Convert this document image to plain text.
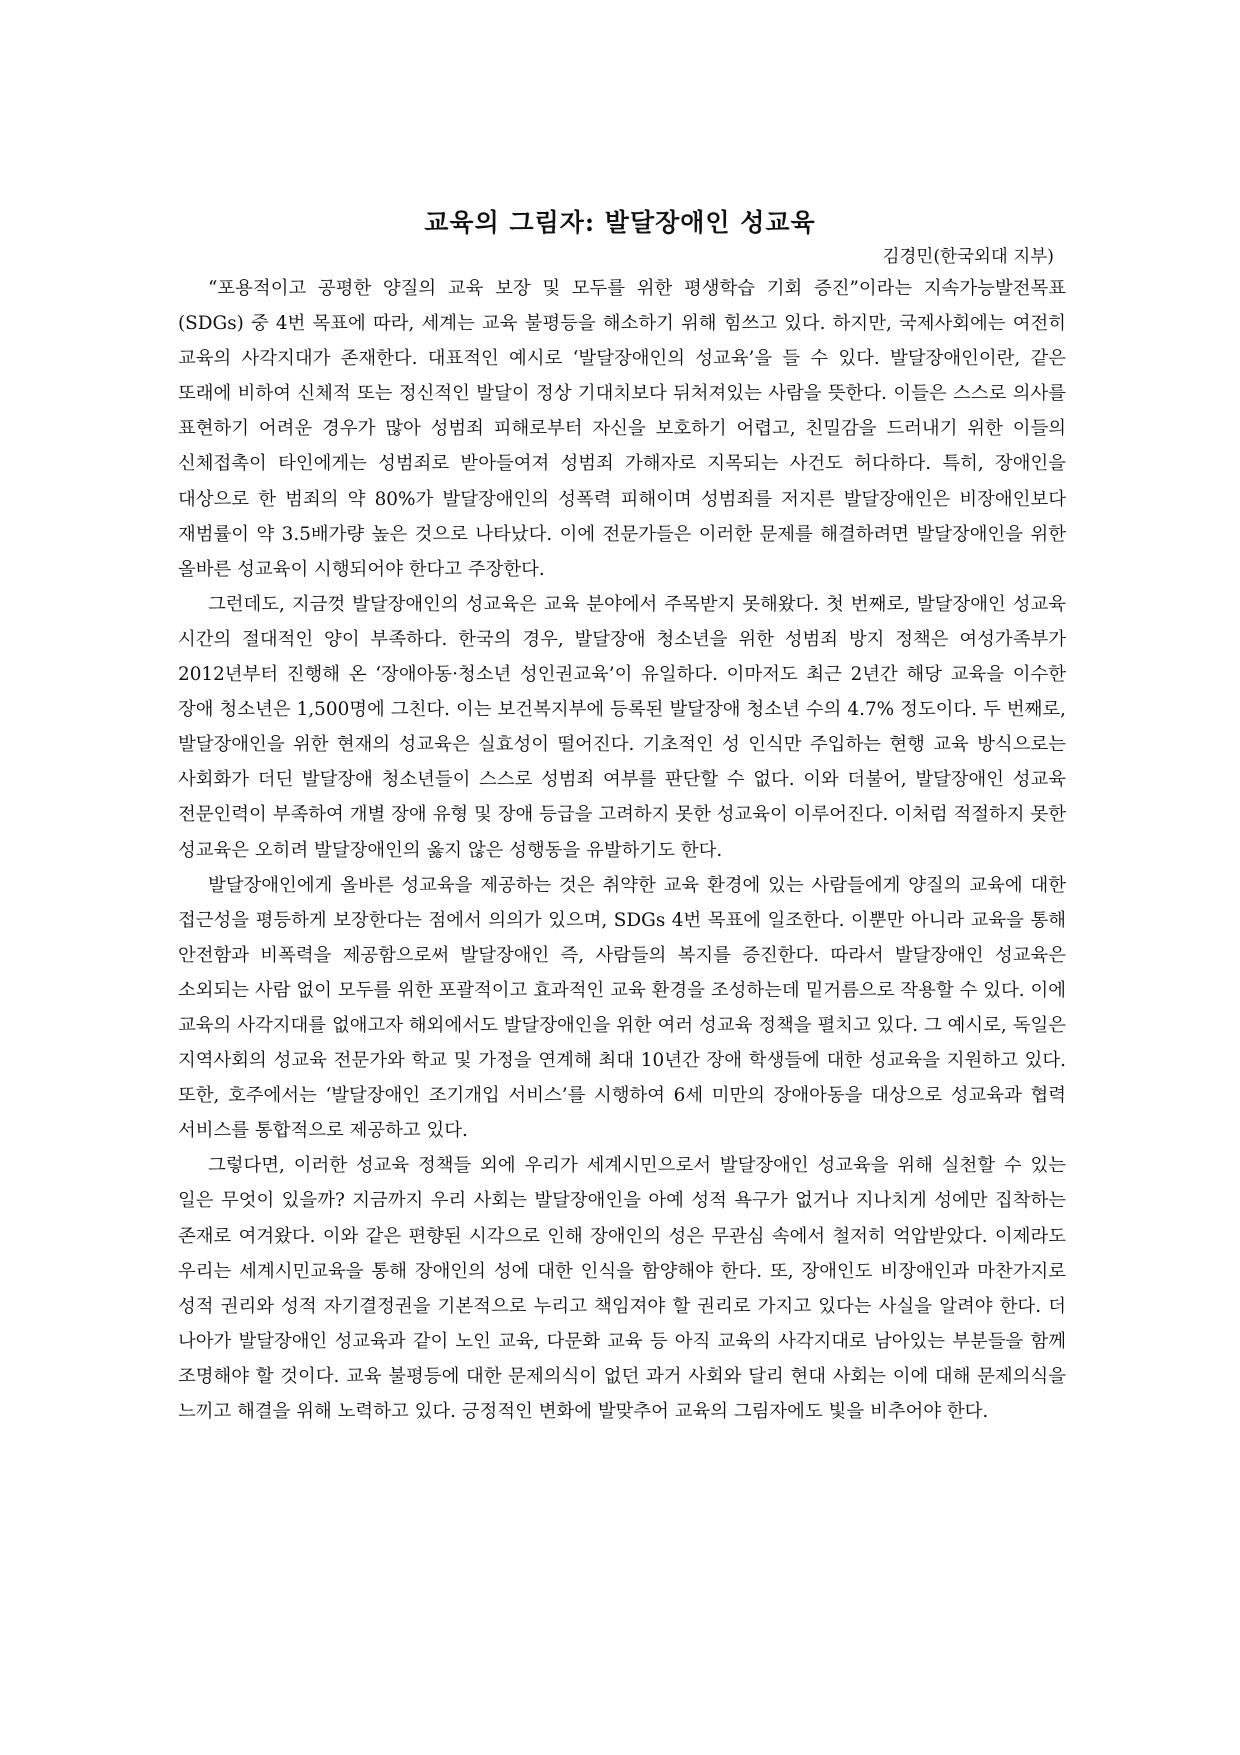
교육의 그림자: 발달장애인 성교육
김경민(한국외대 지부)

“포용적이고 공평한 양질의 교육 보장 및 모두를 위한 평생학습 기회 증진”이라는 지속가능발전목표(SDGs) 중 4번 목표에 따라, 세계는 교육 불평등을 해소하기 위해 힘쓰고 있다. 하지만, 국제사회에는 여전히 교육의 사각지대가 존재한다. 대표적인 예시로 ‘발달장애인의 성교육’을 들 수 있다. 발달장애인이란, 같은 또래에 비하여 신체적 또는 정신적인 발달이 정상 기대치보다 뒤처져있는 사람을 뜻한다. 이들은 스스로 의사를 표현하기 어려운 경우가 많아 성범죄 피해로부터 자신을 보호하기 어렵고, 친밀감을 드러내기 위한 이들의 신체접촉이 타인에게는 성범죄로 받아들여져 성범죄 가해자로 지목되는 사건도 허다하다. 특히, 장애인을 대상으로 한 범죄의 약 80%가 발달장애인의 성폭력 피해이며 성범죄를 저지른 발달장애인은 비장애인보다 재범률이 약 3.5배가량 높은 것으로 나타났다. 이에 전문가들은 이러한 문제를 해결하려면 발달장애인을 위한 올바른 성교육이 시행되어야 한다고 주장한다.

그런데도, 지금껏 발달장애인의 성교육은 교육 분야에서 주목받지 못해왔다. 첫 번째로, 발달장애인 성교육 시간의 절대적인 양이 부족하다. 한국의 경우, 발달장애 청소년을 위한 성범죄 방지 정책은 여성가족부가 2012년부터 진행해 온 ‘장애아동·청소년 성인권교육’이 유일하다. 이마저도 최근 2년간 해당 교육을 이수한 장애 청소년은 1,500명에 그친다. 이는 보건복지부에 등록된 발달장애 청소년 수의 4.7% 정도이다. 두 번째로, 발달장애인을 위한 현재의 성교육은 실효성이 떨어진다. 기초적인 성 인식만 주입하는 현행 교육 방식으로는 사회화가 더딘 발달장애 청소년들이 스스로 성범죄 여부를 판단할 수 없다. 이와 더불어, 발달장애인 성교육 전문인력이 부족하여 개별 장애 유형 및 장애 등급을 고려하지 못한 성교육이 이루어진다. 이처럼 적절하지 못한 성교육은 오히려 발달장애인의 옳지 않은 성행동을 유발하기도 한다.

발달장애인에게 올바른 성교육을 제공하는 것은 취약한 교육 환경에 있는 사람들에게 양질의 교육에 대한 접근성을 평등하게 보장한다는 점에서 의의가 있으며, SDGs 4번 목표에 일조한다. 이뿐만 아니라 교육을 통해 안전함과 비폭력을 제공함으로써 발달장애인 즉, 사람들의 복지를 증진한다. 따라서 발달장애인 성교육은 소외되는 사람 없이 모두를 위한 포괄적이고 효과적인 교육 환경을 조성하는데 밑거름으로 작용할 수 있다. 이에 교육의 사각지대를 없애고자 해외에서도 발달장애인을 위한 여러 성교육 정책을 펼치고 있다. 그 예시로, 독일은 지역사회의 성교육 전문가와 학교 및 가정을 연계해 최대 10년간 장애 학생들에 대한 성교육을 지원하고 있다. 또한, 호주에서는 ‘발달장애인 조기개입 서비스’를 시행하여 6세 미만의 장애아동을 대상으로 성교육과 협력 서비스를 통합적으로 제공하고 있다.

그렇다면, 이러한 성교육 정책들 외에 우리가 세계시민으로서 발달장애인 성교육을 위해 실천할 수 있는 일은 무엇이 있을까? 지금까지 우리 사회는 발달장애인을 아예 성적 욕구가 없거나 지나치게 성에만 집착하는 존재로 여겨왔다. 이와 같은 편향된 시각으로 인해 장애인의 성은 무관심 속에서 철저히 억압받았다. 이제라도 우리는 세계시민교육을 통해 장애인의 성에 대한 인식을 함양해야 한다. 또, 장애인도 비장애인과 마찬가지로 성적 권리와 성적 자기결정권을 기본적으로 누리고 책임져야 할 권리로 가지고 있다는 사실을 알려야 한다. 더 나아가 발달장애인 성교육과 같이 노인 교육, 다문화 교육 등 아직 교육의 사각지대로 남아있는 부분들을 함께 조명해야 할 것이다. 교육 불평등에 대한 문제의식이 없던 과거 사회와 달리 현대 사회는 이에 대해 문제의식을 느끼고 해결을 위해 노력하고 있다. 긍정적인 변화에 발맞추어 교육의 그림자에도 빛을 비추어야 한다.
